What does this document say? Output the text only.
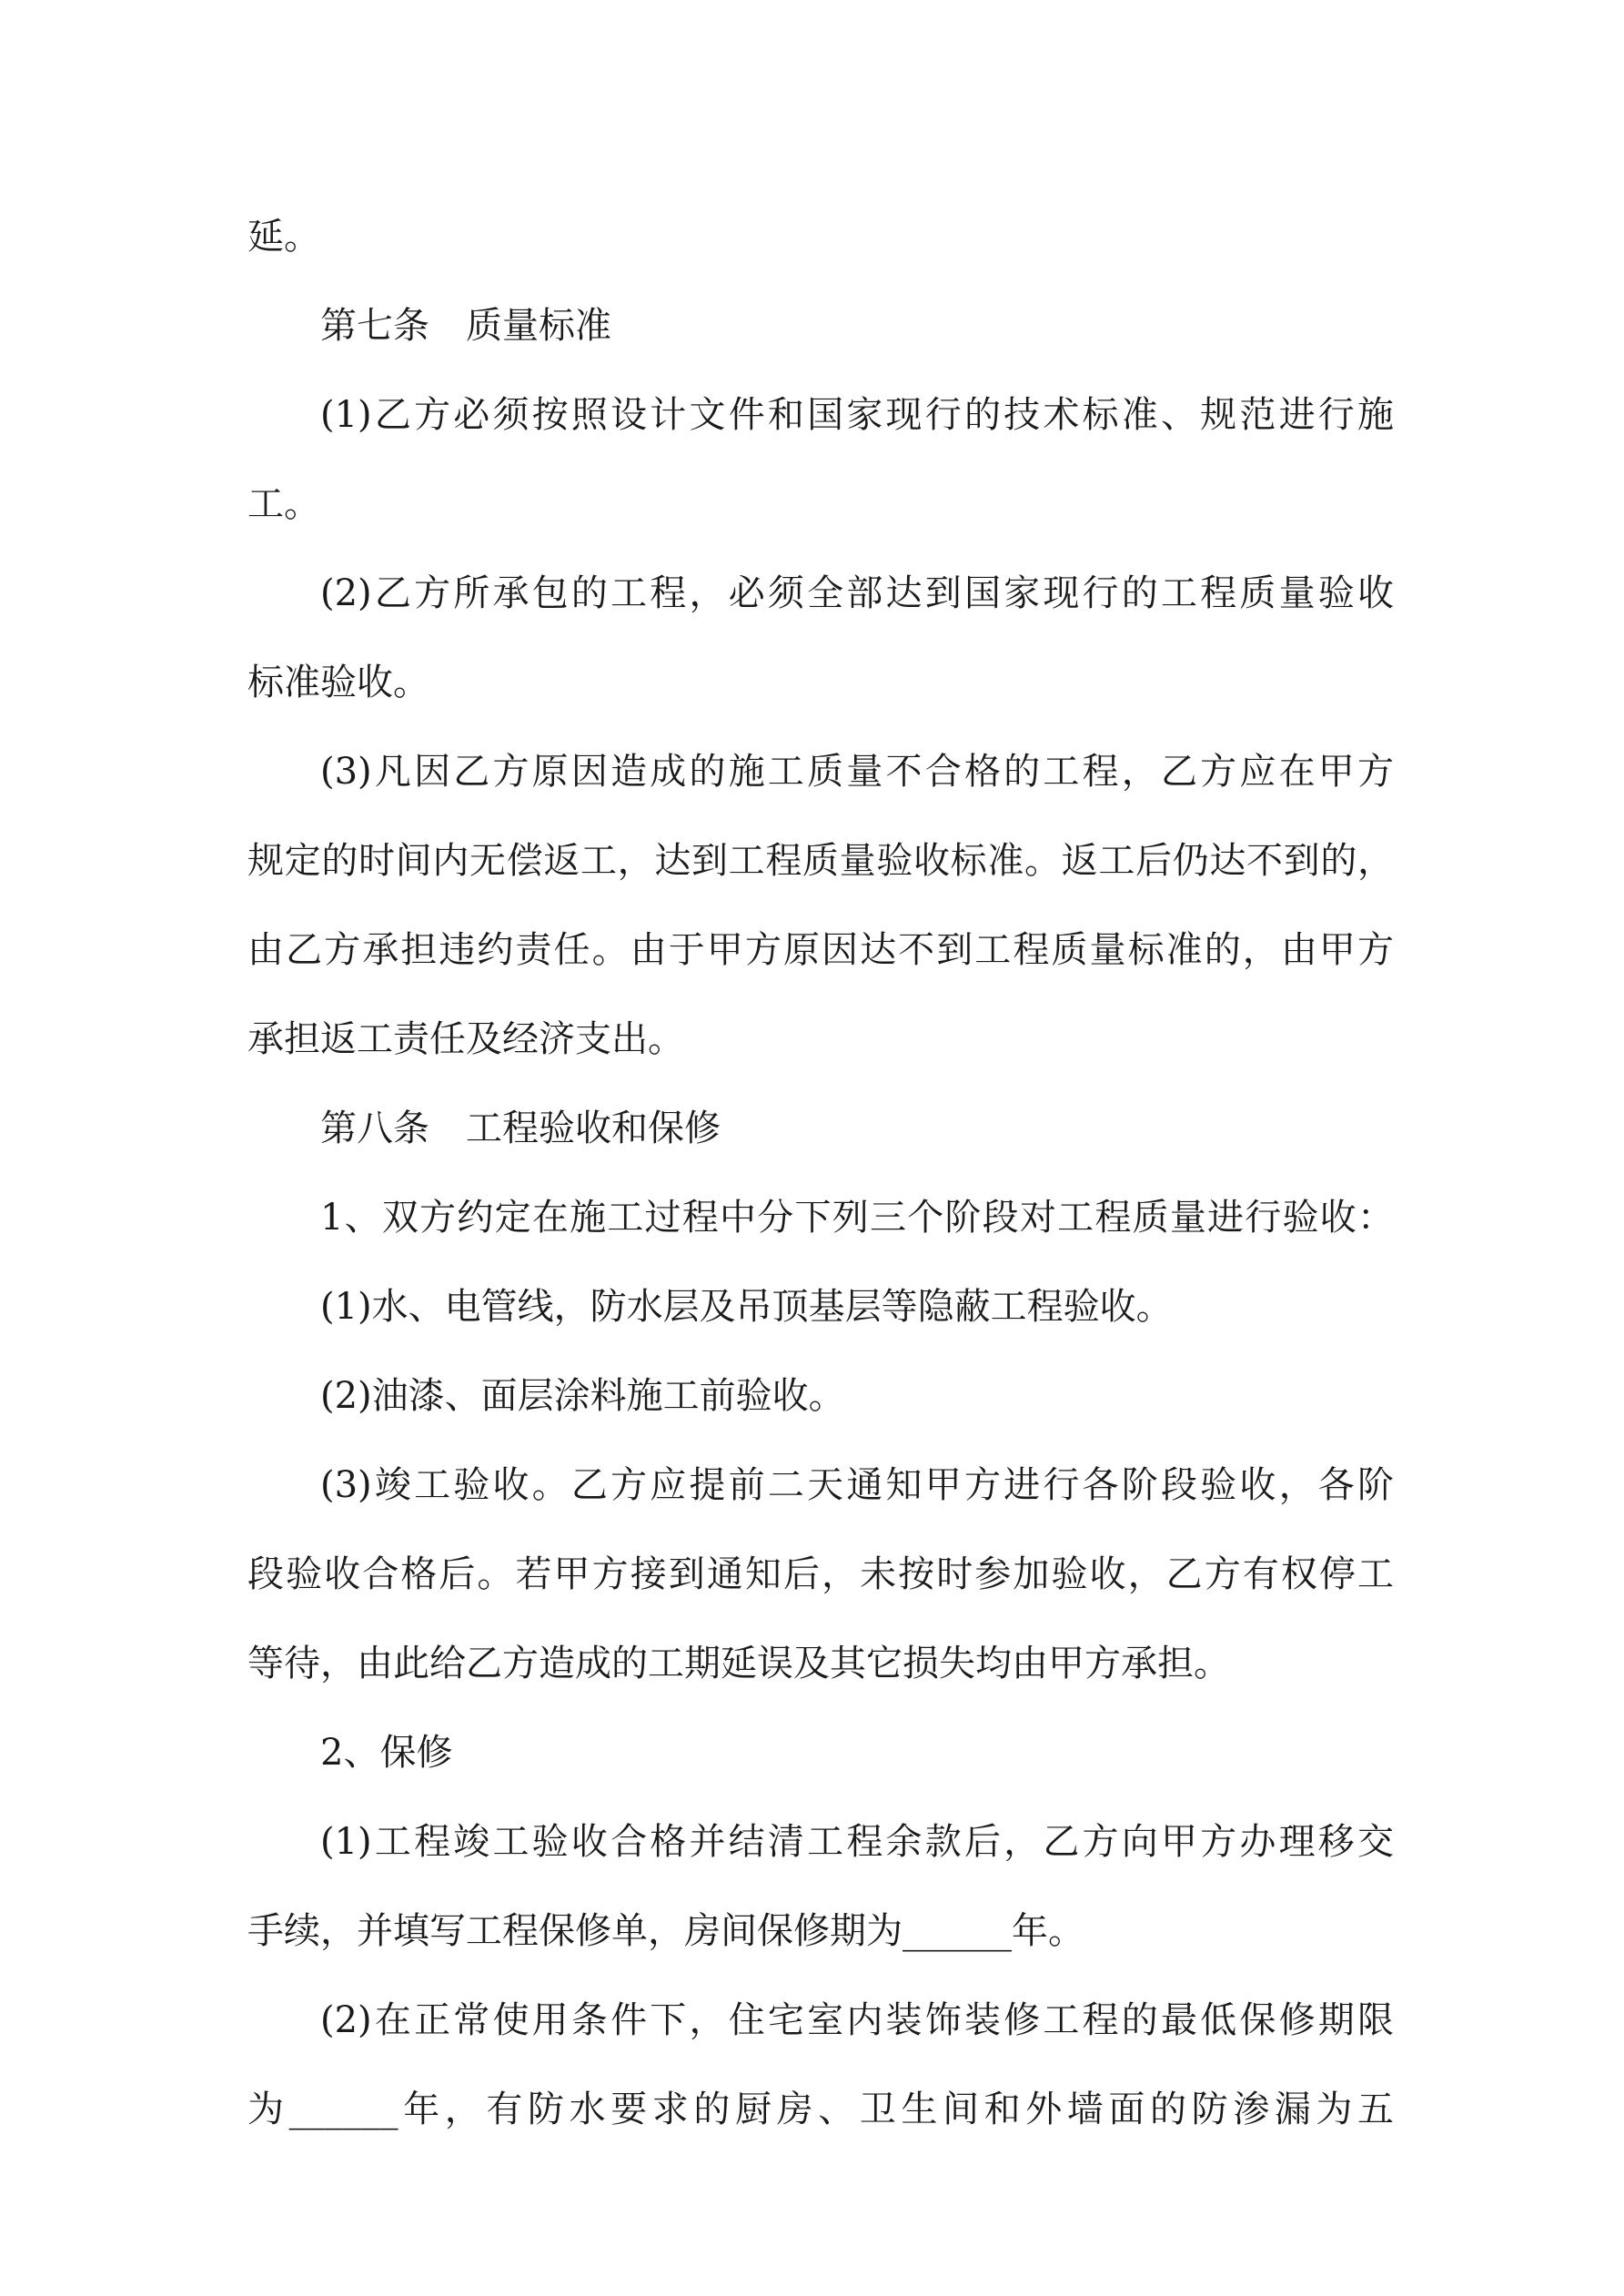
延。
第七条　质量标准
(1)乙方必须按照设计文件和国家现行的技术标准、规范进行施
工。
(2)乙方所承包的工程，必须全部达到国家现行的工程质量验收
标准验收。
(3)凡因乙方原因造成的施工质量不合格的工程，乙方应在甲方
规定的时间内无偿返工，达到工程质量验收标准。返工后仍达不到的，
由乙方承担违约责任。由于甲方原因达不到工程质量标准的，由甲方
承担返工责任及经济支出。
第八条　工程验收和保修
1、双方约定在施工过程中分下列三个阶段对工程质量进行验收：
(1)水、电管线，防水层及吊顶基层等隐蔽工程验收。
(2)油漆、面层涂料施工前验收。
(3)竣工验收。乙方应提前二天通知甲方进行各阶段验收，各阶
段验收合格后。若甲方接到通知后，未按时参加验收，乙方有权停工
等待，由此给乙方造成的工期延误及其它损失均由甲方承担。
2、保修
(1)工程竣工验收合格并结清工程余款后，乙方向甲方办理移交
手续，并填写工程保修单，房间保修期为______年。
(2)在正常使用条件下，住宅室内装饰装修工程的最低保修期限
为______年，有防水要求的厨房、卫生间和外墙面的防渗漏为五
